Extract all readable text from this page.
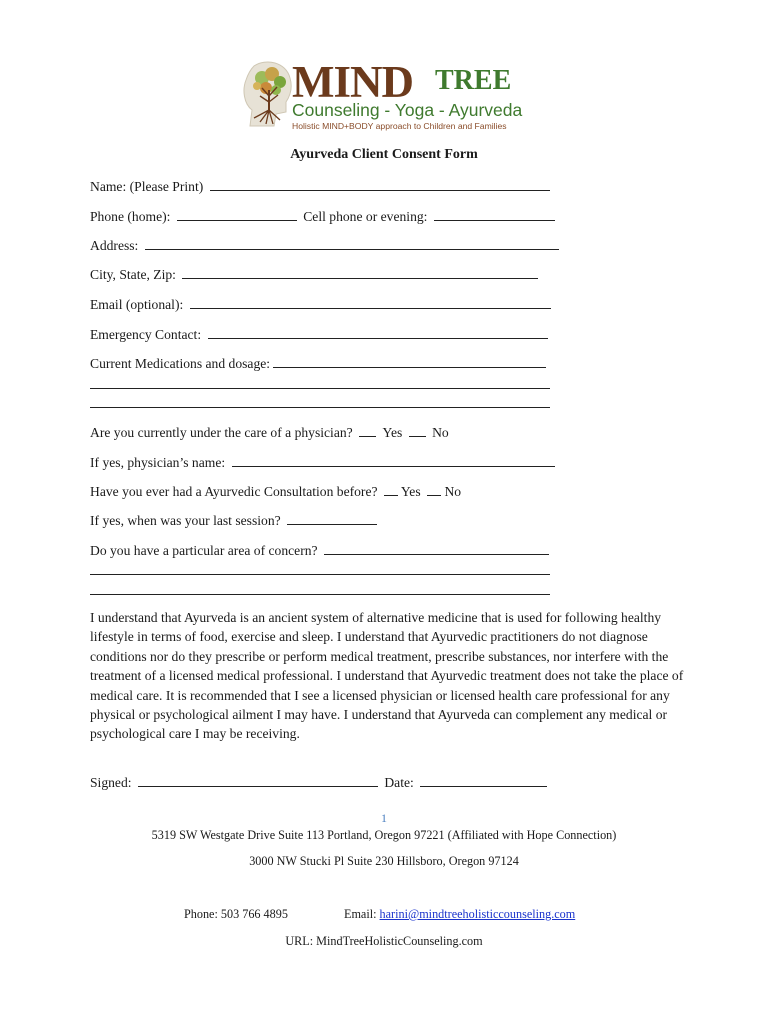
MIND TREE
Counseling - Yoga - Ayurveda
Holistic MIND+BODY approach to Children and Families
Ayurveda Client Consent Form
Name: (Please Print)
Phone (home):	Cell phone or evening:
Address:
City, State, Zip:
Email (optional):
Emergency Contact:
Current Medications and dosage:
Are you currently under the care of a physician? Yes No
If yes, physician’s name:
Have you ever had a Ayurvedic Consultation before? Yes No
If yes, when was your last session?
Do you have a particular area of concern?
I understand that Ayurveda is an ancient system of alternative medicine that is used for following healthy lifestyle in terms of food, exercise and sleep. I understand that Ayurvedic practitioners do not diagnose conditions nor do they prescribe or perform medical treatment, prescribe substances, nor interfere with the treatment of a licensed medical professional. I understand that Ayurvedic treatment does not take the place of medical care. It is recommended that I see a licensed physician or licensed health care professional for any physical or psychological ailment I may have. I understand that Ayurveda can complement any medical or psychological care I may be receiving.
Signed:	Date:
1
5319 SW Westgate Drive Suite 113 Portland, Oregon 97221 (Affiliated with Hope Connection)
3000 NW Stucki Pl Suite 230 Hillsboro, Oregon 97124
Phone: 503 766 4895	Email: harini@mindtreeholisticcounseling.com
URL: MindTreeHolisticCounseling.com
